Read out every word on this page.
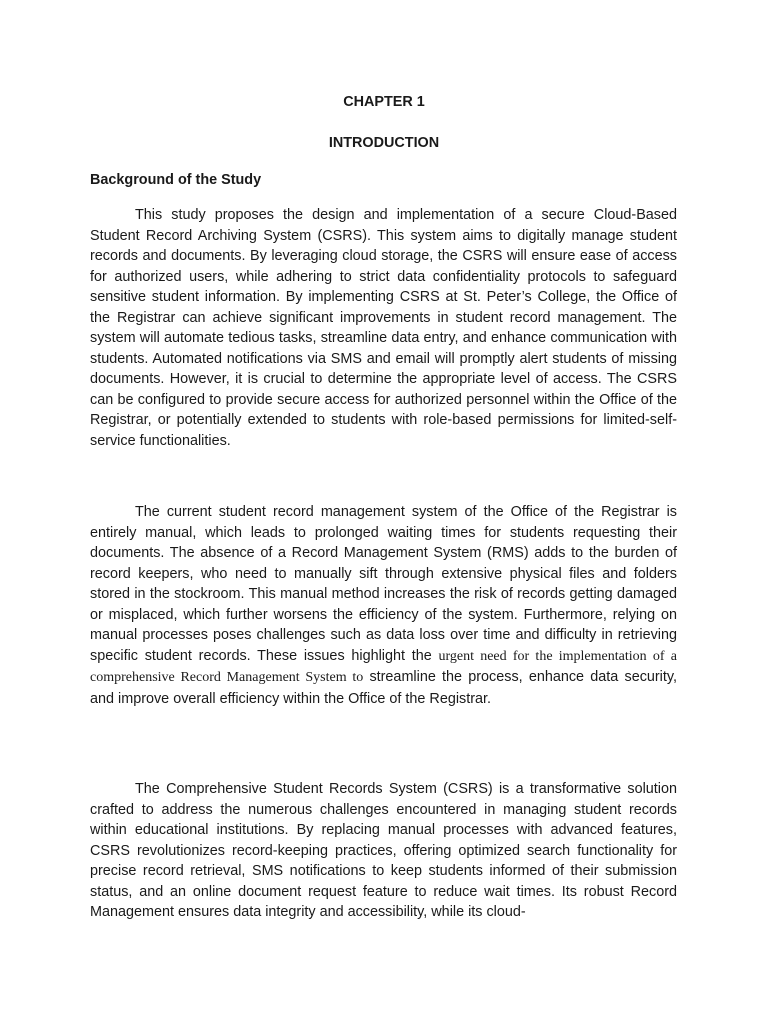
CHAPTER 1
INTRODUCTION
Background of the Study

This study proposes the design and implementation of a secure Cloud-Based Student Record Archiving System (CSRS). This system aims to digitally manage student records and documents. By leveraging cloud storage, the CSRS will ensure ease of access for authorized users, while adhering to strict data confidentiality protocols to safeguard sensitive student information. By implementing CSRS at St. Peter’s College, the Office of the Registrar can achieve significant improvements in student record management. The system will automate tedious tasks, streamline data entry, and enhance communication with students. Automated notifications via SMS and email will promptly alert students of missing documents. However, it is crucial to determine the appropriate level of access. The CSRS can be configured to provide secure access for authorized personnel within the Office of the Registrar, or potentially extended to students with role-based permissions for limited-self-service functionalities.

The current student record management system of the Office of the Registrar is entirely manual, which leads to prolonged waiting times for students requesting their documents. The absence of a Record Management System (RMS) adds to the burden of record keepers, who need to manually sift through extensive physical files and folders stored in the stockroom. This manual method increases the risk of records getting damaged or misplaced, which further worsens the efficiency of the system. Furthermore, relying on manual processes poses challenges such as data loss over time and difficulty in retrieving specific student records. These issues highlight the urgent need for the implementation of a comprehensive Record Management System to streamline the process, enhance data security, and improve overall efficiency within the Office of the Registrar.

The Comprehensive Student Records System (CSRS) is a transformative solution crafted to address the numerous challenges encountered in managing student records within educational institutions. By replacing manual processes with advanced features, CSRS revolutionizes record-keeping practices, offering optimized search functionality for precise record retrieval, SMS notifications to keep students informed of their submission status, and an online document request feature to reduce wait times. Its robust Record Management ensures data integrity and accessibility, while its cloud-
